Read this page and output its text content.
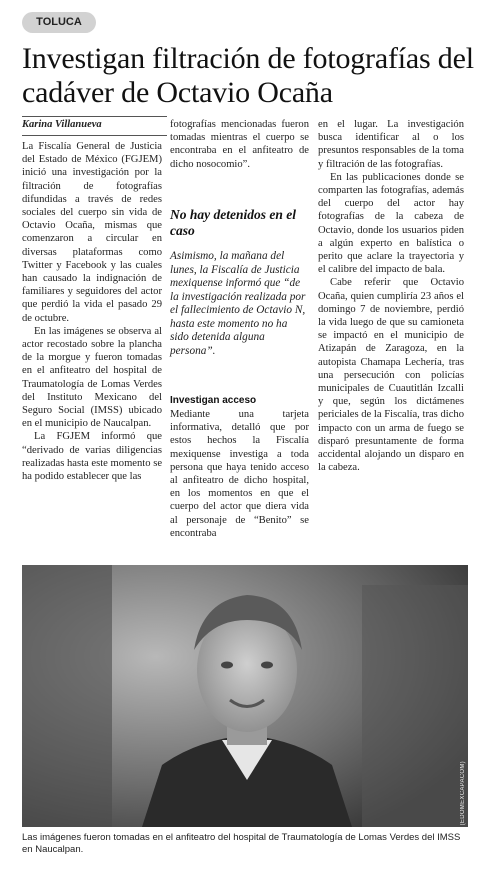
TOLUCA
Investigan filtración de fotografías del cadáver de Octavio Ocaña

Karina Villanueva

La Fiscalía General de Justicia del Estado de México (FGJEM) inició una investigación por la filtración de fotografías difundidas a través de redes sociales del cuerpo sin vida de Octavio Ocaña, mismas que comenzaron a circular en diversas plataformas como Twitter y Facebook y las cuales han causado la indignación de familiares y seguidores del actor que perdió la vida el pasado 29 de octubre.

En las imágenes se observa al actor recostado sobre la plancha de la morgue y fueron tomadas en el anfiteatro del hospital de Traumatología de Lomas Verdes del Instituto Mexicano del Seguro Social (IMSS) ubicado en el municipio de Naucalpan.

La FGJEM informó que “derivado de varias diligencias realizadas hasta este momento se ha podido establecer que las

fotografías mencionadas fueron tomadas mientras el cuerpo se encontraba en el anfiteatro de dicho nosocomio”.

No hay detenidos en el caso

Asimismo, la mañana del lunes, la Fiscalía de Justicia mexiquense informó que “de la investigación realizada por el fallecimiento de Octavio N, hasta este momento no ha sido detenida alguna persona”.

Investigan acceso

Mediante una tarjeta informativa, detalló que por estos hechos la Fiscalía mexiquense investiga a toda persona que haya tenido acceso al anfiteatro de dicho hospital, en los momentos en que el cuerpo del actor que diera vida al personaje de “Benito” se encontraba

en el lugar. La investigación busca identificar al o los presuntos responsables de la toma y filtración de las fotografías.

En las publicaciones donde se comparten las fotografías, además del cuerpo del actor hay fotografías de la cabeza de Octavio, donde los usuarios piden a algún experto en balística o perito que aclare la trayectoria y el calibre del impacto de bala.

Cabe referir que Octavio Ocaña, quien cumpliría 23 años el domingo 7 de noviembre, perdió la vida luego de que su camioneta se impactó en el municipio de Atizapán de Zaragoza, en la autopista Chamapa Lechería, tras una persecución con policías municipales de Cuautitlán Izcalli y que, según los dictámenes periciales de la Fiscalía, tras dicho impacto con un arma de fuego se disparó presuntamente de forma accidental alojando un disparo en la cabeza.

(EDOMEXCAPACOM)

Las imágenes fueron tomadas en el anfiteatro del hospital de Traumatología de Lomas Verdes del IMSS en Naucalpan.
